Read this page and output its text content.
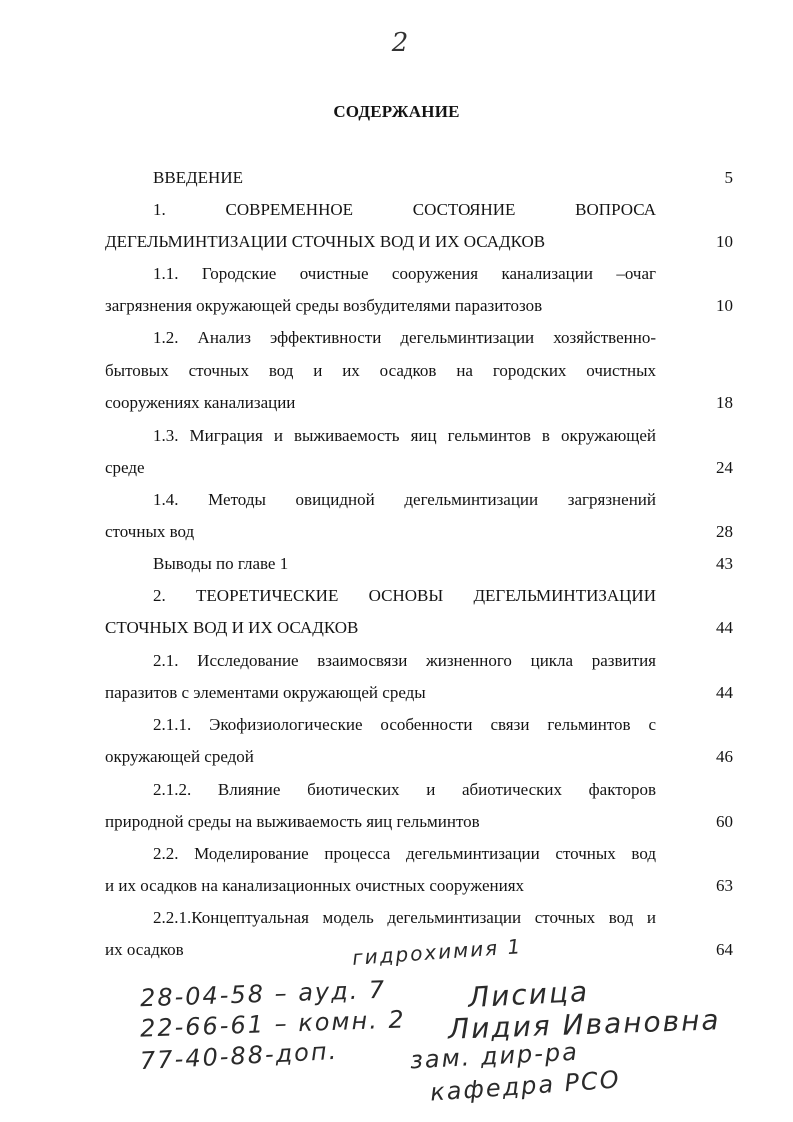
2
СОДЕРЖАНИЕ
ВВЕДЕНИЕ	5
1. СОВРЕМЕННОЕ СОСТОЯНИЕ ВОПРОСА
ДЕГЕЛЬМИНТИЗАЦИИ СТОЧНЫХ ВОД И ИХ ОСАДКОВ	10
1.1. Городские очистные сооружения канализации –очаг
загрязнения окружающей среды возбудителями паразитозов	10
1.2. Анализ эффективности дегельминтизации хозяйственно-
бытовых сточных вод и их осадков на городских очистных
сооружениях канализации	18
1.3. Миграция и выживаемость яиц гельминтов в окружающей
среде	24
1.4. Методы овицидной дегельминтизации загрязнений
сточных вод	28
Выводы по главе 1	43
2. ТЕОРЕТИЧЕСКИЕ ОСНОВЫ ДЕГЕЛЬМИНТИЗАЦИИ
СТОЧНЫХ ВОД И ИХ ОСАДКОВ	44
2.1. Исследование взаимосвязи жизненного цикла развития
паразитов с элементами окружающей среды	44
2.1.1. Экофизиологические особенности связи гельминтов с
окружающей средой	46
2.1.2. Влияние биотических и абиотических факторов
природной среды на выживаемость яиц гельминтов	60
2.2. Моделирование процесса дегельминтизации сточных вод
и их осадков на канализационных очистных сооружениях	63
2.2.1.Концептуальная модель дегельминтизации сточных вод и
их осадков	64
гидрохимия 1
28-04-58 – ауд. 7
22-66-61 – комн. 2
77-40-88-доп.
Лисица
Лидия Ивановна
зам. дир-ра
кафедра РСО
